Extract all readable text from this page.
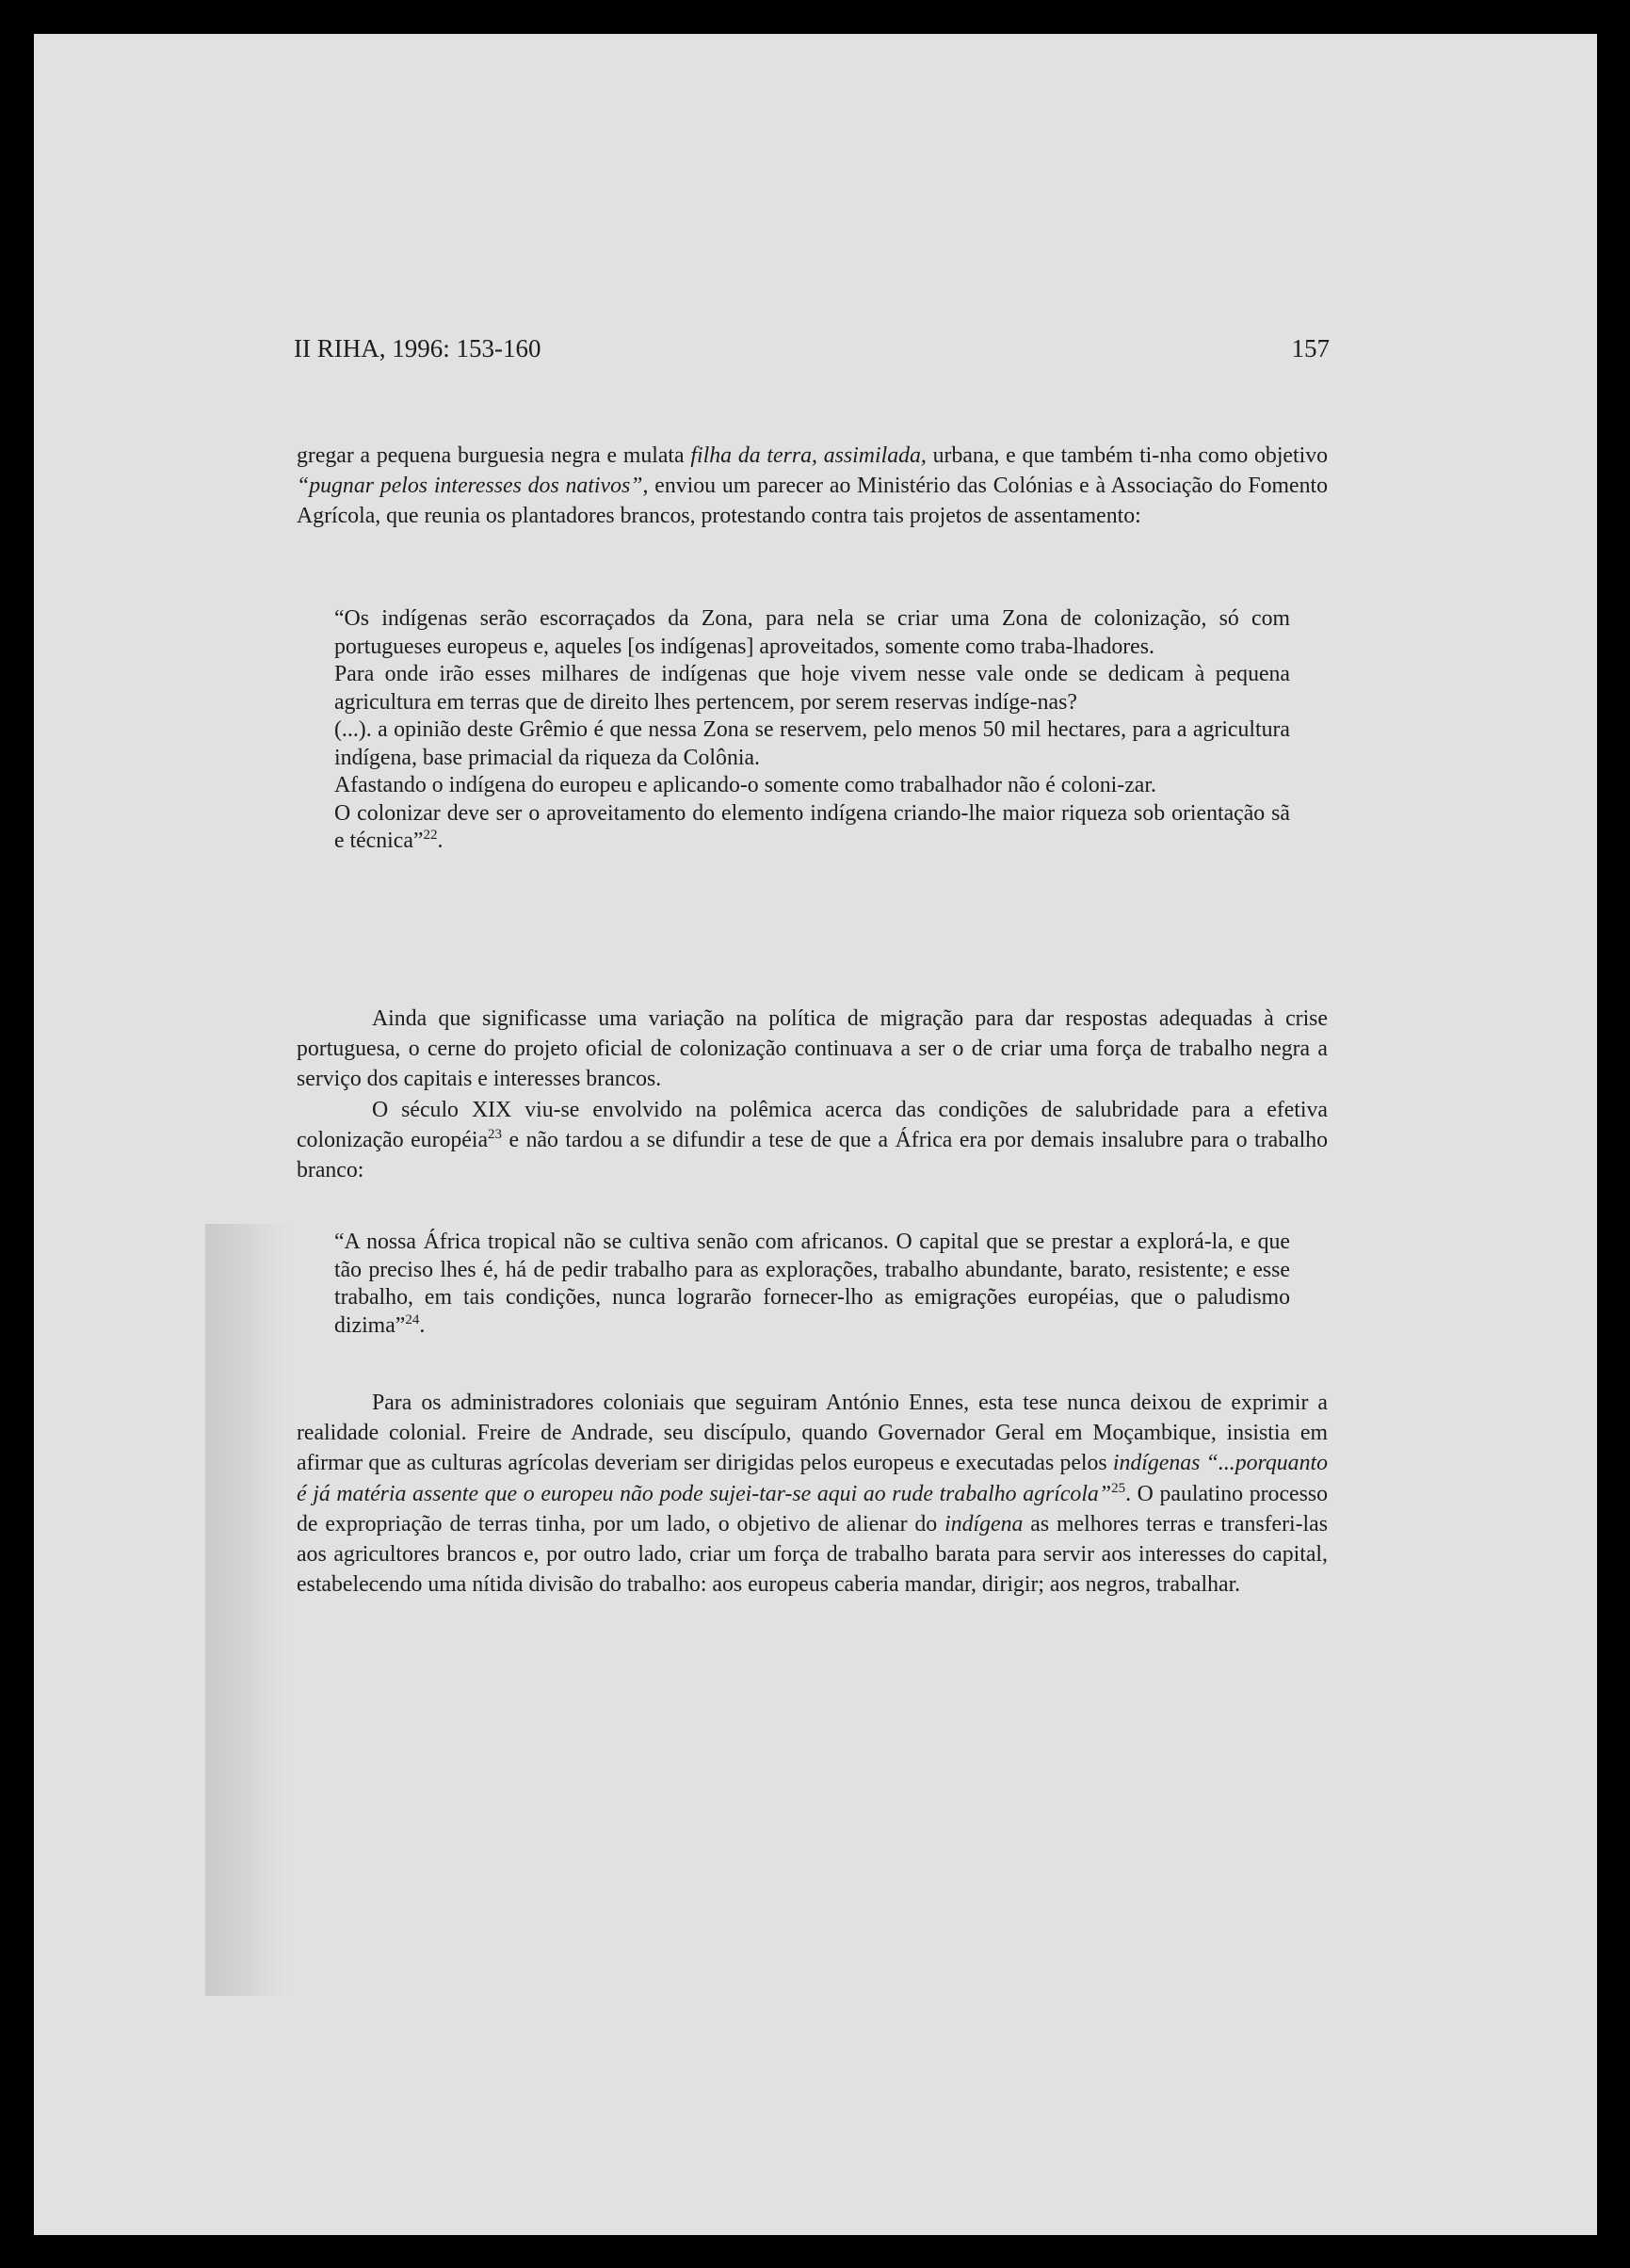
II RIHA, 1996: 153-160	157

gregar a pequena burguesia negra e mulata filha da terra, assimilada, urbana, e que também ti-nha como objetivo “pugnar pelos interesses dos nativos”, enviou um parecer ao Ministério das Colónias e à Associação do Fomento Agrícola, que reunia os plantadores brancos, protestando contra tais projetos de assentamento:

“Os indígenas serão escorraçados da Zona, para nela se criar uma Zona de colonização, só com portugueses europeus e, aqueles [os indígenas] aproveitados, somente como traba-lhadores.

Para onde irão esses milhares de indígenas que hoje vivem nesse vale onde se dedicam à pequena agricultura em terras que de direito lhes pertencem, por serem reservas indíge-nas?

(...). a opinião deste Grêmio é que nessa Zona se reservem, pelo menos 50 mil hectares, para a agricultura indígena, base primacial da riqueza da Colônia.

Afastando o indígena do europeu e aplicando-o somente como trabalhador não é coloni-zar.

O colonizar deve ser o aproveitamento do elemento indígena criando-lhe maior riqueza sob orientação sã e técnica”$^{22}$.

Ainda que significasse uma variação na política de migração para dar respostas adequadas à crise portuguesa, o cerne do projeto oficial de colonização continuava a ser o de criar uma força de trabalho negra a serviço dos capitais e interesses brancos.

O século XIX viu-se envolvido na polêmica acerca das condições de salubridade para a efetiva colonização européia$^{23}$ e não tardou a se difundir a tese de que a África era por demais insalubre para o trabalho branco:

“A nossa África tropical não se cultiva senão com africanos. O capital que se prestar a explorá-la, e que tão preciso lhes é, há de pedir trabalho para as explorações, trabalho abundante, barato, resistente; e esse trabalho, em tais condições, nunca lograrão fornecer-lho as emigrações européias, que o paludismo dizima”$^{24}$.

Para os administradores coloniais que seguiram António Ennes, esta tese nunca deixou de exprimir a realidade colonial. Freire de Andrade, seu discípulo, quando Governador Geral em Moçambique, insistia em afirmar que as culturas agrícolas deveriam ser dirigidas pelos europeus e executadas pelos indígenas “...porquanto é já matéria assente que o europeu não pode sujei-tar-se aqui ao rude trabalho agrícola”$^{25}$. O paulatino processo de expropriação de terras tinha, por um lado, o objetivo de alienar do indígena as melhores terras e transferi-las aos agricultores brancos e, por outro lado, criar um força de trabalho barata para servir aos interesses do capital, estabelecendo uma nítida divisão do trabalho: aos europeus caberia mandar, dirigir; aos negros, trabalhar.
